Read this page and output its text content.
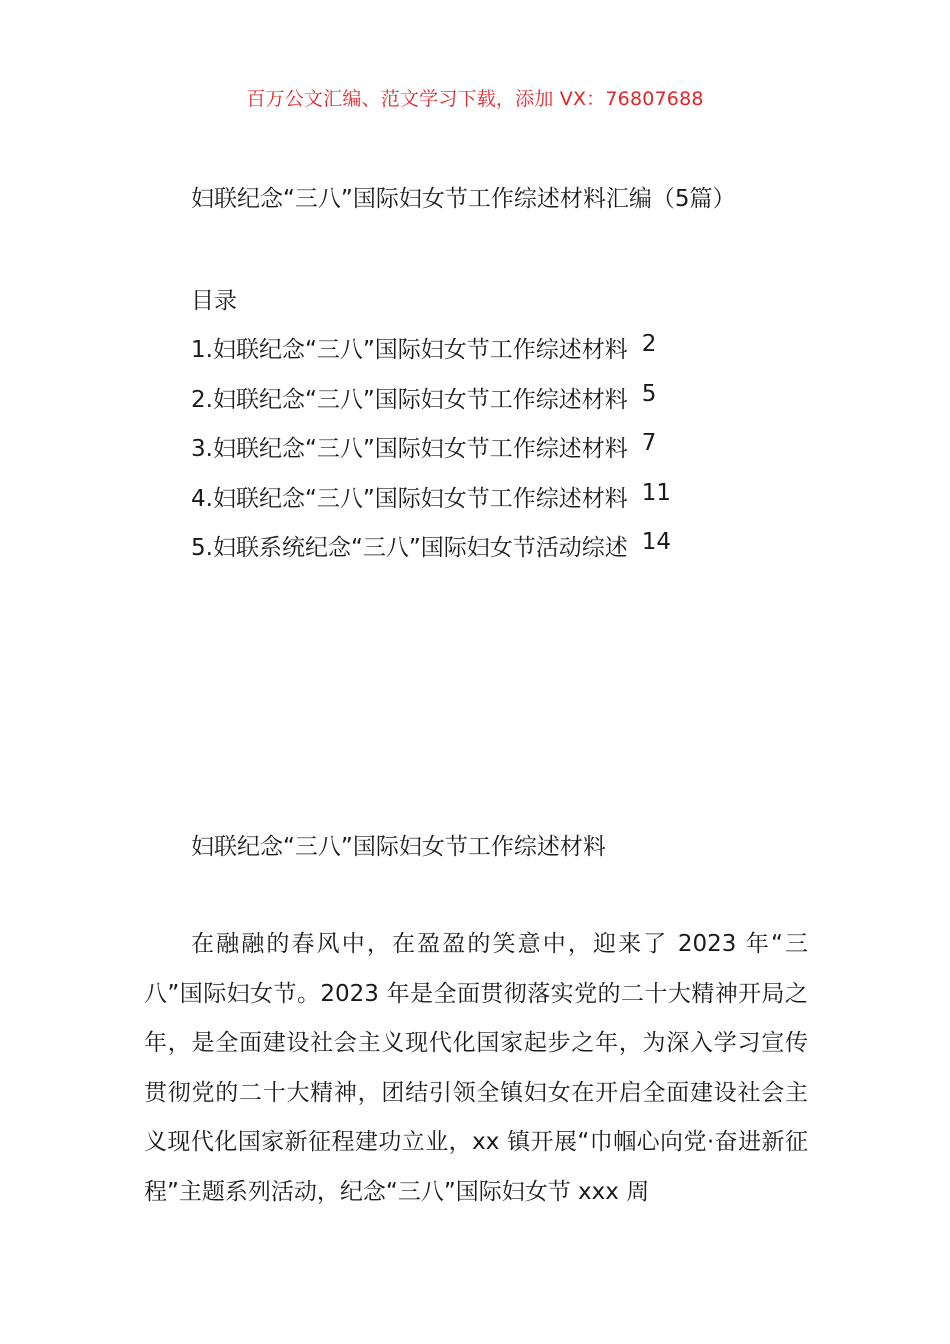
百万公文汇编、范文学习下载，添加 VX：76807688
妇联纪念“三八”国际妇女节工作综述材料汇编（5篇）
目录
1.妇联纪念“三八”国际妇女节工作综述材料 2
2.妇联纪念“三八”国际妇女节工作综述材料 5
3.妇联纪念“三八”国际妇女节工作综述材料 7
4.妇联纪念“三八”国际妇女节工作综述材料 11
5.妇联系统纪念“三八”国际妇女节活动综述 14
妇联纪念“三八”国际妇女节工作综述材料

在融融的春风中，在盈盈的笑意中，迎来了 2023 年“三八”国际妇女节。2023 年是全面贯彻落实党的二十大精神开局之年，是全面建设社会主义现代化国家起步之年，为深入学习宣传贯彻党的二十大精神，团结引领全镇妇女在开启全面建设社会主义现代化国家新征程建功立业，xx 镇开展“巾帼心向党·奋进新征程”主题系列活动，纪念“三八”国际妇女节 xxx 周
